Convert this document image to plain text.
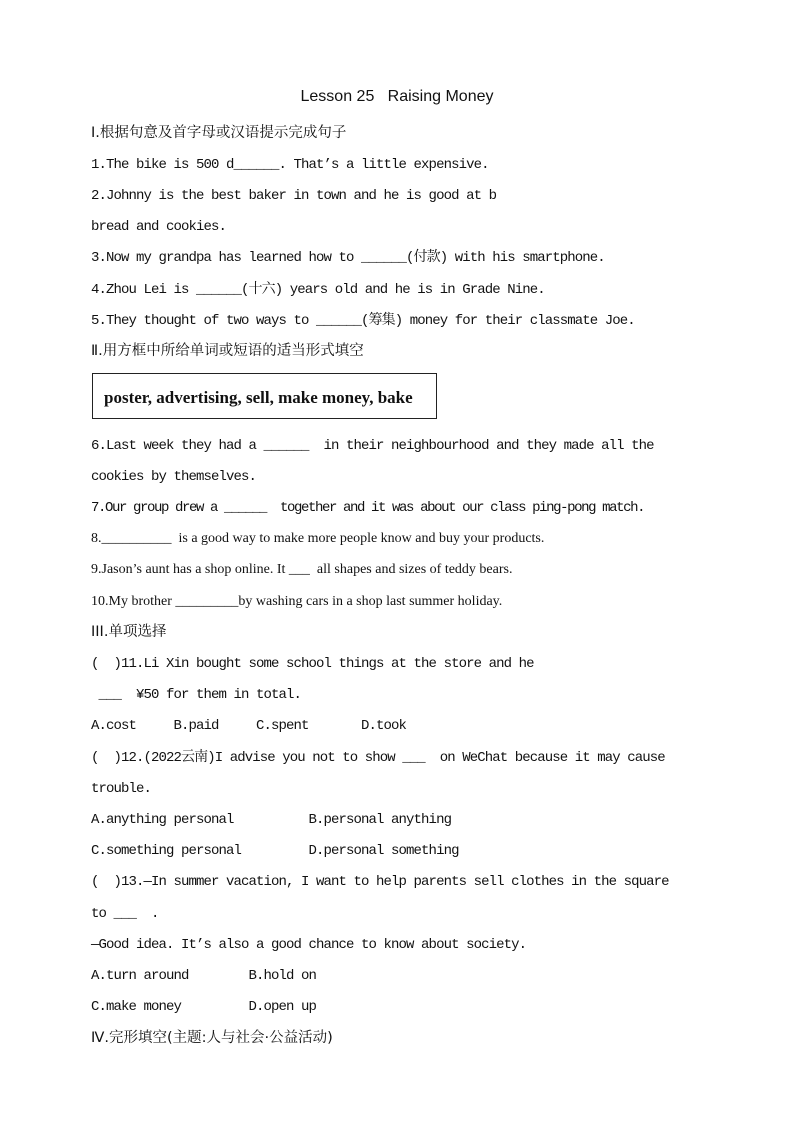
Lesson 25   Raising Money
Ⅰ.根据句意及首字母或汉语提示完成句子
1.The bike is 500 d______. That’s a little expensive.
2.Johnny is the best baker in town and he is good at b
bread and cookies.
3.Now my grandpa has learned how to ______(付款) with his smartphone.
4.Zhou Lei is ______(十六) years old and he is in Grade Nine.
5.They thought of two ways to ______(筹集) money for their classmate Joe.
Ⅱ.用方框中所给单词或短语的适当形式填空
poster, advertising, sell, make money, bake
6.Last week they had a ______  in their neighbourhood and they made all the
cookies by themselves.
7.Our group drew a ______  together and it was about our class ping-pong match.
8.__________  is a good way to make more people know and buy your products.
9.Jason’s aunt has a shop online. It ___  all shapes and sizes of teddy bears.
10.My brother _________by washing cars in a shop last summer holiday.
III.单项选择
(  )11.Li Xin bought some school things at the store and he
___  ¥50 for them in total.
A.cost     B.paid     C.spent       D.took
(  )12.(2022云南)I advise you not to show ___  on WeChat because it may cause
trouble.
A.anything personal          B.personal anything
C.something personal         D.personal something
(  )13.—In summer vacation, I want to help parents sell clothes in the square
to ___  .
—Good idea. It’s also a good chance to know about society.
A.turn around        B.hold on
C.make money         D.open up
Ⅳ.完形填空(主题:人与社会·公益活动)
